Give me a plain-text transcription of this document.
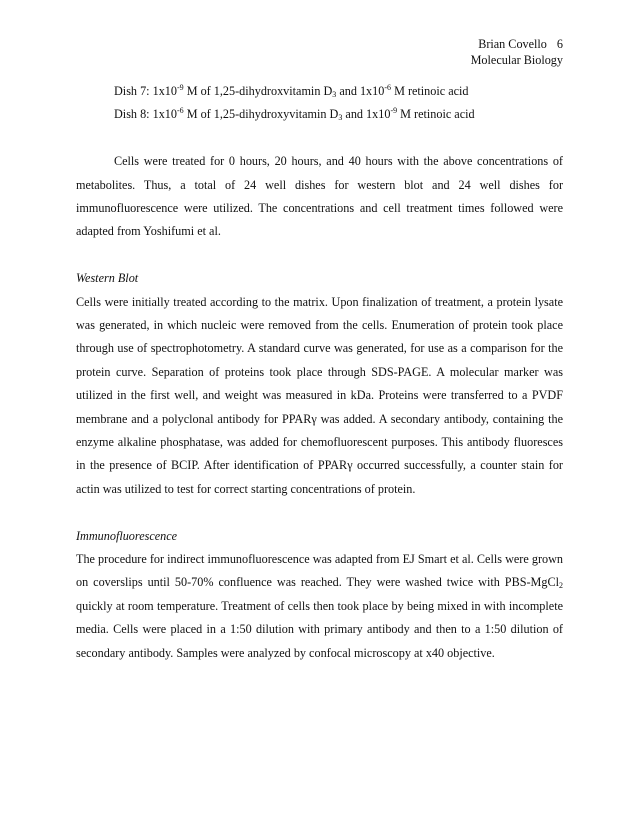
Brian Covello 6
Molecular Biology
Dish 7: $1x10^{-9}$ M of 1,25-dihydroxvitamin $D_3$ and $1x10^{-6}$ M retinoic acid
Dish 8: $1x10^{-6}$ M of 1,25-dihydroxyvitamin $D_3$ and $1x10^{-9}$ M retinoic acid

Cells were treated for 0 hours, 20 hours, and 40 hours with the above concentrations of metabolites. Thus, a total of 24 well dishes for western blot and 24 well dishes for immunofluorescence were utilized. The concentrations and cell treatment times followed were adapted from Yoshifumi et al.

Western Blot

Cells were initially treated according to the matrix. Upon finalization of treatment, a protein lysate was generated, in which nucleic were removed from the cells. Enumeration of protein took place through use of spectrophotometry. A standard curve was generated, for use as a comparison for the protein curve. Separation of proteins took place through SDS-PAGE. A molecular marker was utilized in the first well, and weight was measured in kDa. Proteins were transferred to a PVDF membrane and a polyclonal antibody for PPARγ was added. A secondary antibody, containing the enzyme alkaline phosphatase, was added for chemofluorescent purposes. This antibody fluoresces in the presence of BCIP. After identification of PPARγ occurred successfully, a counter stain for actin was utilized to test for correct starting concentrations of protein.

Immunofluorescence

The procedure for indirect immunofluorescence was adapted from EJ Smart et al. Cells were grown on coverslips until 50-70% confluence was reached. They were washed twice with PBS-MgCl$_2$ quickly at room temperature. Treatment of cells then took place by being mixed in with incomplete media. Cells were placed in a 1:50 dilution with primary antibody and then to a 1:50 dilution of secondary antibody. Samples were analyzed by confocal microscopy at x40 objective.
